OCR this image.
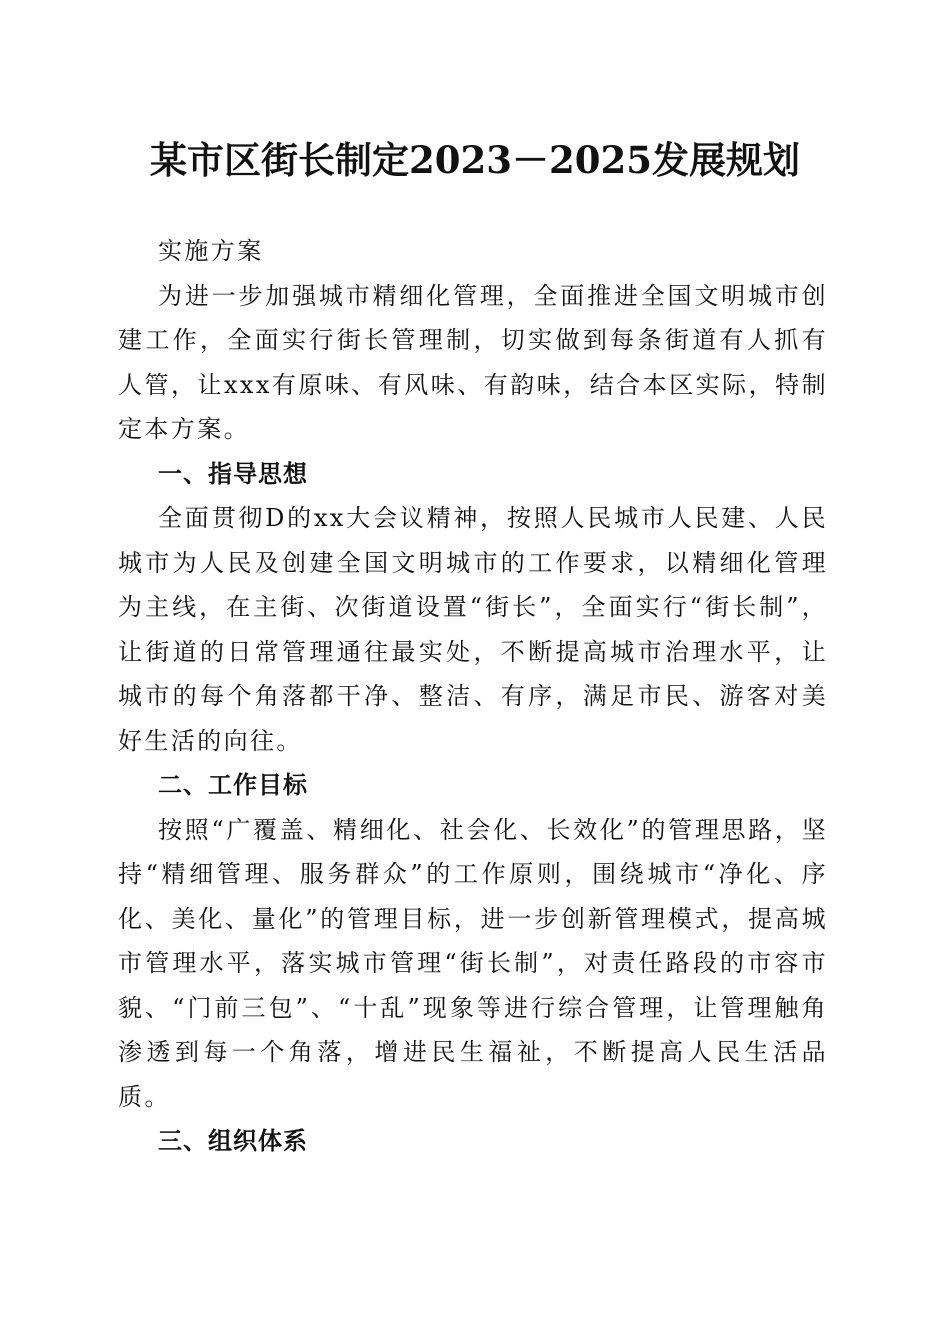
某市区街长制定2023－2025发展规划

实施方案

为进一步加强城市精细化管理，全面推进全国文明城市创建工作，全面实行街长管理制，切实做到每条街道有人抓有人管，让xxx有原味、有风味、有韵味，结合本区实际，特制定本方案。

一、指导思想

全面贯彻D的xx大会议精神，按照人民城市人民建、人民城市为人民及创建全国文明城市的工作要求，以精细化管理为主线，在主街、次街道设置“街长”，全面实行“街长制”，让街道的日常管理通往最实处，不断提高城市治理水平，让城市的每个角落都干净、整洁、有序，满足市民、游客对美好生活的向往。

二、工作目标

按照“广覆盖、精细化、社会化、长效化”的管理思路，坚持“精细管理、服务群众”的工作原则，围绕城市“净化、序化、美化、量化”的管理目标，进一步创新管理模式，提高城市管理水平，落实城市管理“街长制”，对责任路段的市容市貌、“门前三包”、“十乱”现象等进行综合管理，让管理触角渗透到每一个角落，增进民生福祉，不断提高人民生活品质。

三、组织体系
